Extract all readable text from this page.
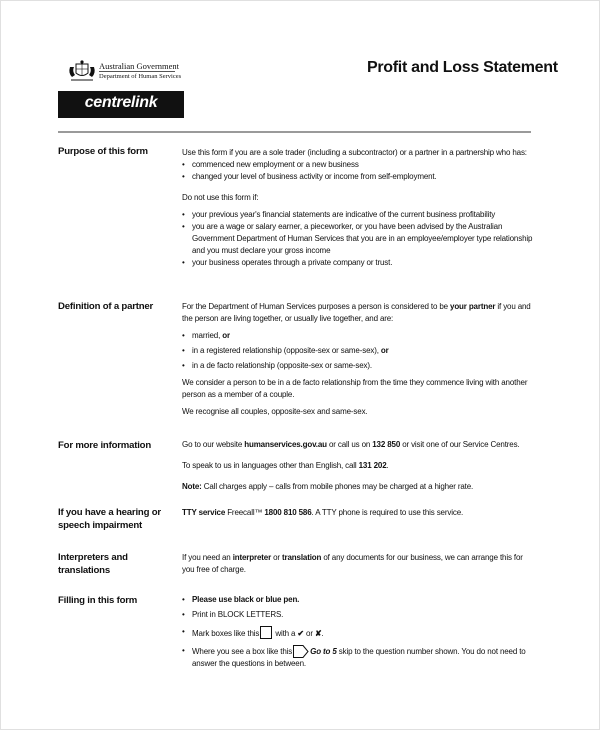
Australian Government
Department of Human Services
centrelink
Profit and Loss Statement
Purpose of this form	Use this form if you are a sole trader (including a subcontractor) or a partner in a partnership who has:

• commenced new employment or a new business
• changed your level of business activity or income from self-employment.

Do not use this form if:

• your previous year's financial statements are indicative of the current business profitability
• you are a wage or salary earner, a pieceworker, or you have been advised by the Australian Government Department of Human Services that you are in an employee/employer type relationship and you must declare your gross income
• your business operates through a private company or trust.
Definition of a partner	For the Department of Human Services purposes a person is considered to be your partner if you and the person are living together, or usually live together, and are:

• married, or
• in a registered relationship (opposite-sex or same-sex), or
• in a de facto relationship (opposite-sex or same-sex).

We consider a person to be in a de facto relationship from the time they commence living with another person as a member of a couple.

We recognise all couples, opposite-sex and same-sex.

For more information	Go to our website humanservices.gov.au or call us on 132 850 or visit one of our Service Centres.

To speak to us in languages other than English, call 131 202.

Note: Call charges apply – calls from mobile phones may be charged at a higher rate.

If you have a hearing or
speech impairment

TTY service Freecall™ 1800 810 586. A TTY phone is required to use this service.

Interpreters and
translations

If you need an interpreter or translation of any documents for our business, we can arrange this for you free of charge.

Filling in this form
•	Please use black or blue pen.
• Print in BLOCK LETTERS.
• Mark boxes like this with a ✔ or ✘.
• Where you see a box like this Go to 5 skip to the question number shown. You do not need to answer the questions in between.
